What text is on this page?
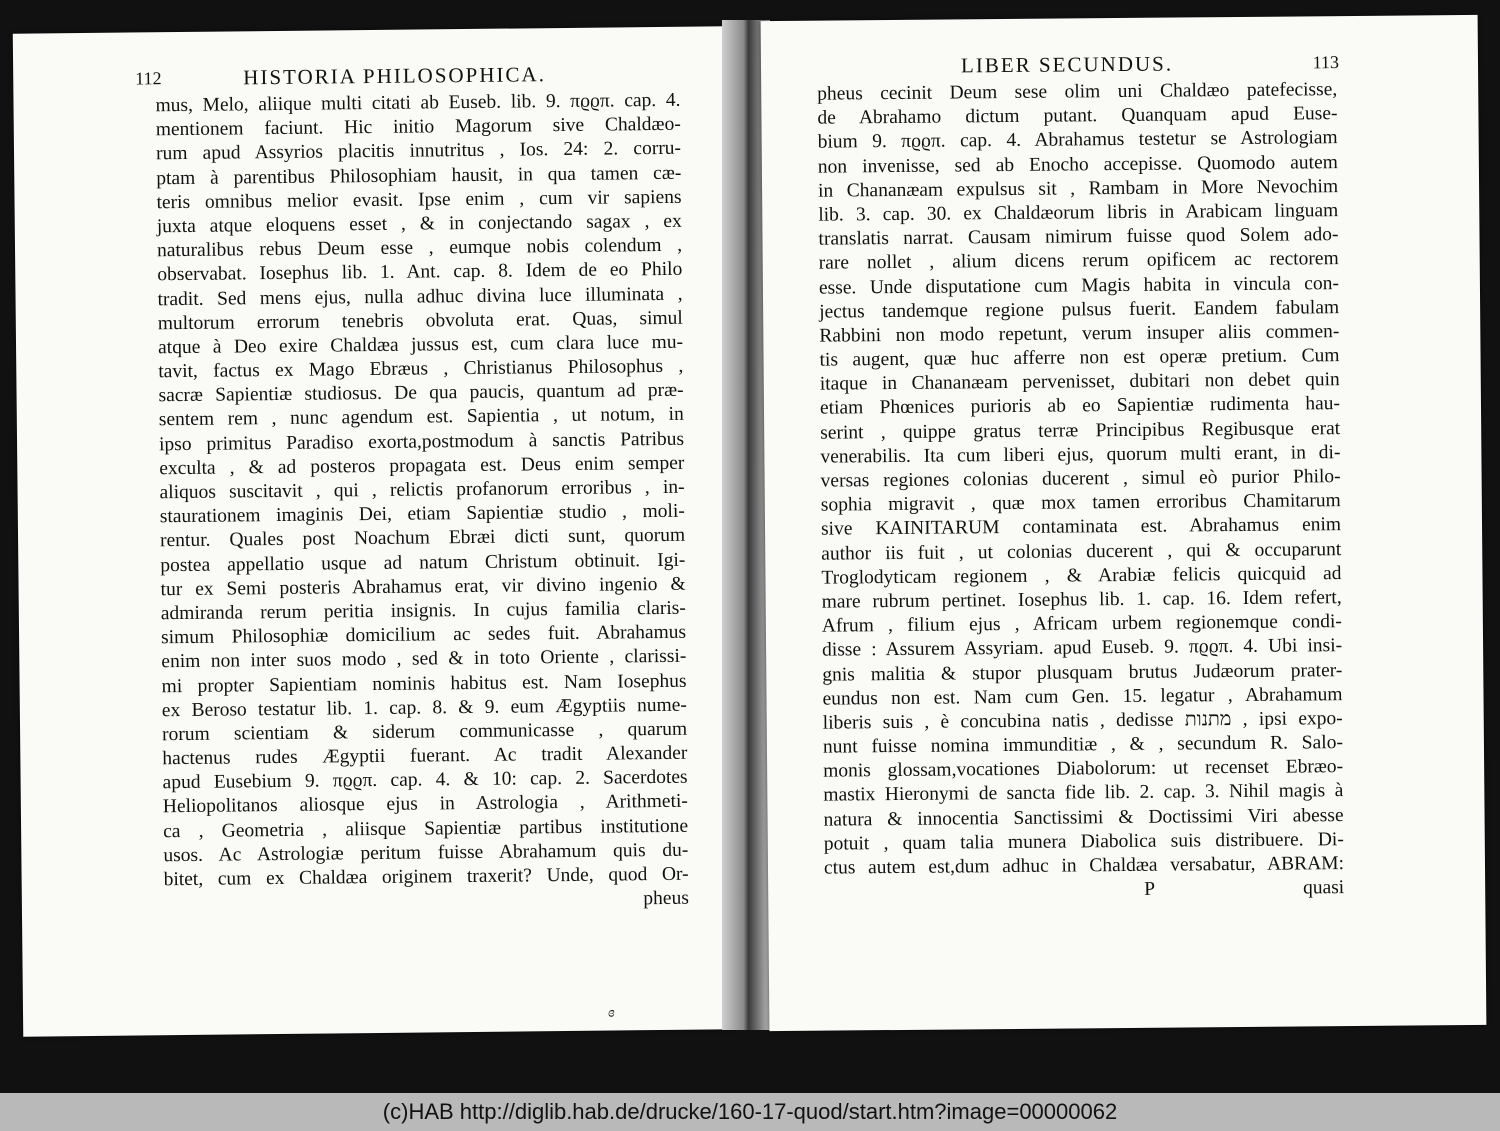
112	HISTORIA PHILOSOPHICA.
mus, Melo, aliique multi citati ab Euseb. lib. 9. πϱϱπ. cap. 4.
mentionem faciunt. Hic initio Magorum sive Chaldæo-
rum apud Assyrios placitis innutritus , Ios. 24: 2. corru-
ptam à parentibus Philosophiam hausit, in qua tamen cæ-
teris omnibus melior evasit. Ipse enim , cum vir sapiens
juxta atque eloquens esset , & in conjectando sagax , ex
naturalibus rebus Deum esse , eumque nobis colendum ,
observabat. Iosephus lib. 1. Ant. cap. 8. Idem de eo Philo
tradit. Sed mens ejus, nulla adhuc divina luce illuminata ,
multorum errorum tenebris obvoluta erat. Quas, simul
atque à Deo exire Chaldæa jussus est, cum clara luce mu-
tavit, factus ex Mago Ebræus , Christianus Philosophus ,
sacræ Sapientiæ studiosus. De qua paucis, quantum ad præ-
sentem rem , nunc agendum est. Sapientia , ut notum, in
ipso primitus Paradiso exorta,postmodum à sanctis Patribus
exculta , & ad posteros propagata est. Deus enim semper
aliquos suscitavit , qui , relictis profanorum erroribus , in-
staurationem imaginis Dei, etiam Sapientiæ studio , moli-
rentur. Quales post Noachum Ebræi dicti sunt, quorum
postea appellatio usque ad natum Christum obtinuit. Igi-
tur ex Semi posteris Abrahamus erat, vir divino ingenio &
admiranda rerum peritia insignis. In cujus familia claris-
simum Philosophiæ domicilium ac sedes fuit. Abrahamus
enim non inter suos modo , sed & in toto Oriente , clarissi-
mi propter Sapientiam nominis habitus est. Nam Iosephus
ex Beroso testatur lib. 1. cap. 8. & 9. eum Ægyptiis nume-
rorum scientiam & siderum communicasse , quarum
hactenus rudes Ægyptii fuerant. Ac tradit Alexander
apud Eusebium 9. πϱϱπ. cap. 4. & 10: cap. 2. Sacerdotes
Heliopolitanos aliosque ejus in Astrologia , Arithmeti-
ca , Geometria , aliisque Sapientiæ partibus institutione
usos. Ac Astrologiæ peritum fuisse Abrahamum quis du-
bitet, cum ex Chaldæa originem traxerit? Unde, quod Or-
pheus
ɞ
LIBER SECUNDUS.	113
pheus cecinit Deum sese olim uni Chaldæo patefecisse,
de Abrahamo dictum putant. Quanquam apud Euse-
bium 9. πϱϱπ. cap. 4. Abrahamus testetur se Astrologiam
non invenisse, sed ab Enocho accepisse. Quomodo autem
in Chananæam expulsus sit , Rambam in More Nevochim
lib. 3. cap. 30. ex Chaldæorum libris in Arabicam linguam
translatis narrat. Causam nimirum fuisse quod Solem ado-
rare nollet , alium dicens rerum opificem ac rectorem
esse. Unde disputatione cum Magis habita in vincula con-
jectus tandemque regione pulsus fuerit. Eandem fabulam
Rabbini non modo repetunt, verum insuper aliis commen-
tis augent, quæ huc afferre non est operæ pretium. Cum
itaque in Chananæam pervenisset, dubitari non debet quin
etiam Phœnices purioris ab eo Sapientiæ rudimenta hau-
serint , quippe gratus terræ Principibus Regibusque erat
venerabilis. Ita cum liberi ejus, quorum multi erant, in di-
versas regiones colonias ducerent , simul eò purior Philo-
sophia migravit , quæ mox tamen erroribus Chamitarum
sive KAINITARUM contaminata est. Abrahamus enim
author iis fuit , ut colonias ducerent , qui & occuparunt
Troglodyticam regionem , & Arabiæ felicis quicquid ad
mare rubrum pertinet. Iosephus lib. 1. cap. 16. Idem refert,
Afrum , filium ejus , Africam urbem regionemque condi-
disse : Assurem Assyriam. apud Euseb. 9. πϱϱπ. 4. Ubi insi-
gnis malitia & stupor plusquam brutus Judæorum prater-
eundus non est. Nam cum Gen. 15. legatur , Abrahamum
liberis suis , è concubina natis , dedisse מתנות , ipsi expo-
nunt fuisse nomina immunditiæ , & , secundum R. Salo-
monis glossam,vocationes Diabolorum: ut recenset Ebræo-
mastix Hieronymi de sancta fide lib. 2. cap. 3. Nihil magis à
natura & innocentia Sanctissimi & Doctissimi Viri abesse
potuit , quam talia munera Diabolica suis distribuere. Di-
ctus autem est,dum adhuc in Chaldæa versabatur, ABRAM:
P	quasi
(c)HAB http://diglib.hab.de/drucke/160-17-quod/start.htm?image=00000062
